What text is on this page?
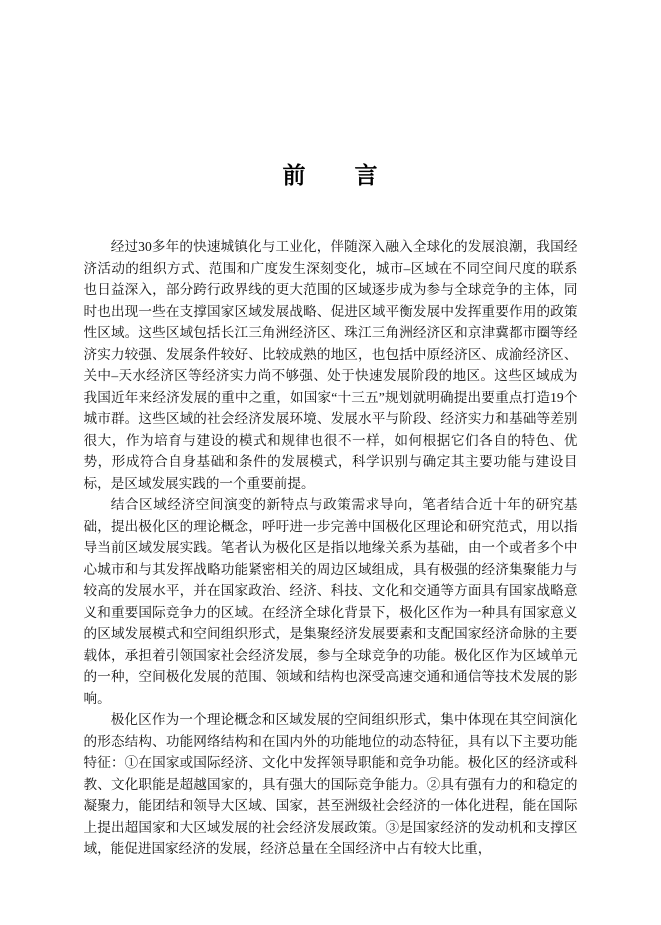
前　　言

经过30多年的快速城镇化与工业化，伴随深入融入全球化的发展浪潮，我国经济活动的组织方式、范围和广度发生深刻变化，城市–区域在不同空间尺度的联系也日益深入，部分跨行政界线的更大范围的区域逐步成为参与全球竞争的主体，同时也出现一些在支撑国家区域发展战略、促进区域平衡发展中发挥重要作用的政策性区域。这些区域包括长江三角洲经济区、珠江三角洲经济区和京津冀都市圈等经济实力较强、发展条件较好、比较成熟的地区，也包括中原经济区、成渝经济区、关中–天水经济区等经济实力尚不够强、处于快速发展阶段的地区。这些区域成为我国近年来经济发展的重中之重，如国家“十三五”规划就明确提出要重点打造19个城市群。这些区域的社会经济发展环境、发展水平与阶段、经济实力和基础等差别很大，作为培育与建设的模式和规律也很不一样，如何根据它们各自的特色、优势，形成符合自身基础和条件的发展模式，科学识别与确定其主要功能与建设目标，是区域发展实践的一个重要前提。

结合区域经济空间演变的新特点与政策需求导向，笔者结合近十年的研究基础，提出极化区的理论概念，呼吁进一步完善中国极化区理论和研究范式，用以指导当前区域发展实践。笔者认为极化区是指以地缘关系为基础，由一个或者多个中心城市和与其发挥战略功能紧密相关的周边区域组成，具有极强的经济集聚能力与较高的发展水平，并在国家政治、经济、科技、文化和交通等方面具有国家战略意义和重要国际竞争力的区域。在经济全球化背景下，极化区作为一种具有国家意义的区域发展模式和空间组织形式，是集聚经济发展要素和支配国家经济命脉的主要载体，承担着引领国家社会经济发展，参与全球竞争的功能。极化区作为区域单元的一种，空间极化发展的范围、领域和结构也深受高速交通和通信等技术发展的影响。

极化区作为一个理论概念和区域发展的空间组织形式，集中体现在其空间演化的形态结构、功能网络结构和在国内外的功能地位的动态特征，具有以下主要功能特征：①在国家或国际经济、文化中发挥领导职能和竞争功能。极化区的经济或科教、文化职能是超越国家的，具有强大的国际竞争能力。②具有强有力的和稳定的凝聚力，能团结和领导大区域、国家，甚至洲级社会经济的一体化进程，能在国际上提出超国家和大区域发展的社会经济发展政策。③是国家经济的发动机和支撑区域，能促进国家经济的发展，经济总量在全国经济中占有较大比重，
